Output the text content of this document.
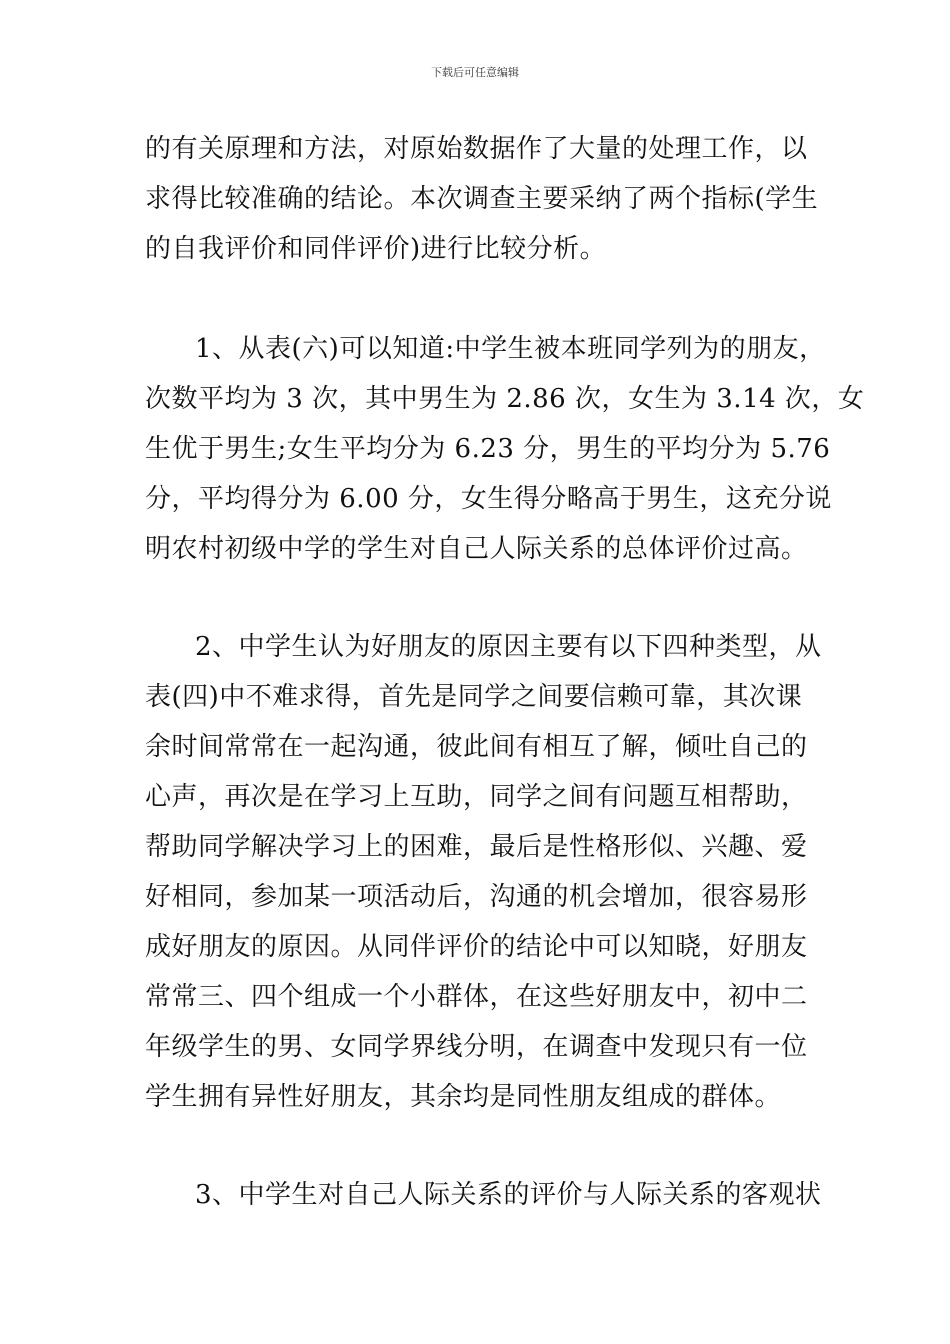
下载后可任意编辑
的有关原理和方法，对原始数据作了大量的处理工作，以
求得比较准确的结论。本次调查主要采纳了两个指标(学生
的自我评价和同伴评价)进行比较分析。
1、从表(六)可以知道:中学生被本班同学列为的朋友，
次数平均为 3 次，其中男生为 2.86 次，女生为 3.14 次，女
生优于男生;女生平均分为 6.23 分，男生的平均分为 5.76
分，平均得分为 6.00 分，女生得分略高于男生，这充分说
明农村初级中学的学生对自己人际关系的总体评价过高。
2、中学生认为好朋友的原因主要有以下四种类型，从
表(四)中不难求得，首先是同学之间要信赖可靠，其次课
余时间常常在一起沟通，彼此间有相互了解，倾吐自己的
心声，再次是在学习上互助，同学之间有问题互相帮助，
帮助同学解决学习上的困难，最后是性格形似、兴趣、爱
好相同，参加某一项活动后，沟通的机会增加，很容易形
成好朋友的原因。从同伴评价的结论中可以知晓，好朋友
常常三、四个组成一个小群体，在这些好朋友中，初中二
年级学生的男、女同学界线分明，在调查中发现只有一位
学生拥有异性好朋友，其余均是同性朋友组成的群体。
3、中学生对自己人际关系的评价与人际关系的客观状
